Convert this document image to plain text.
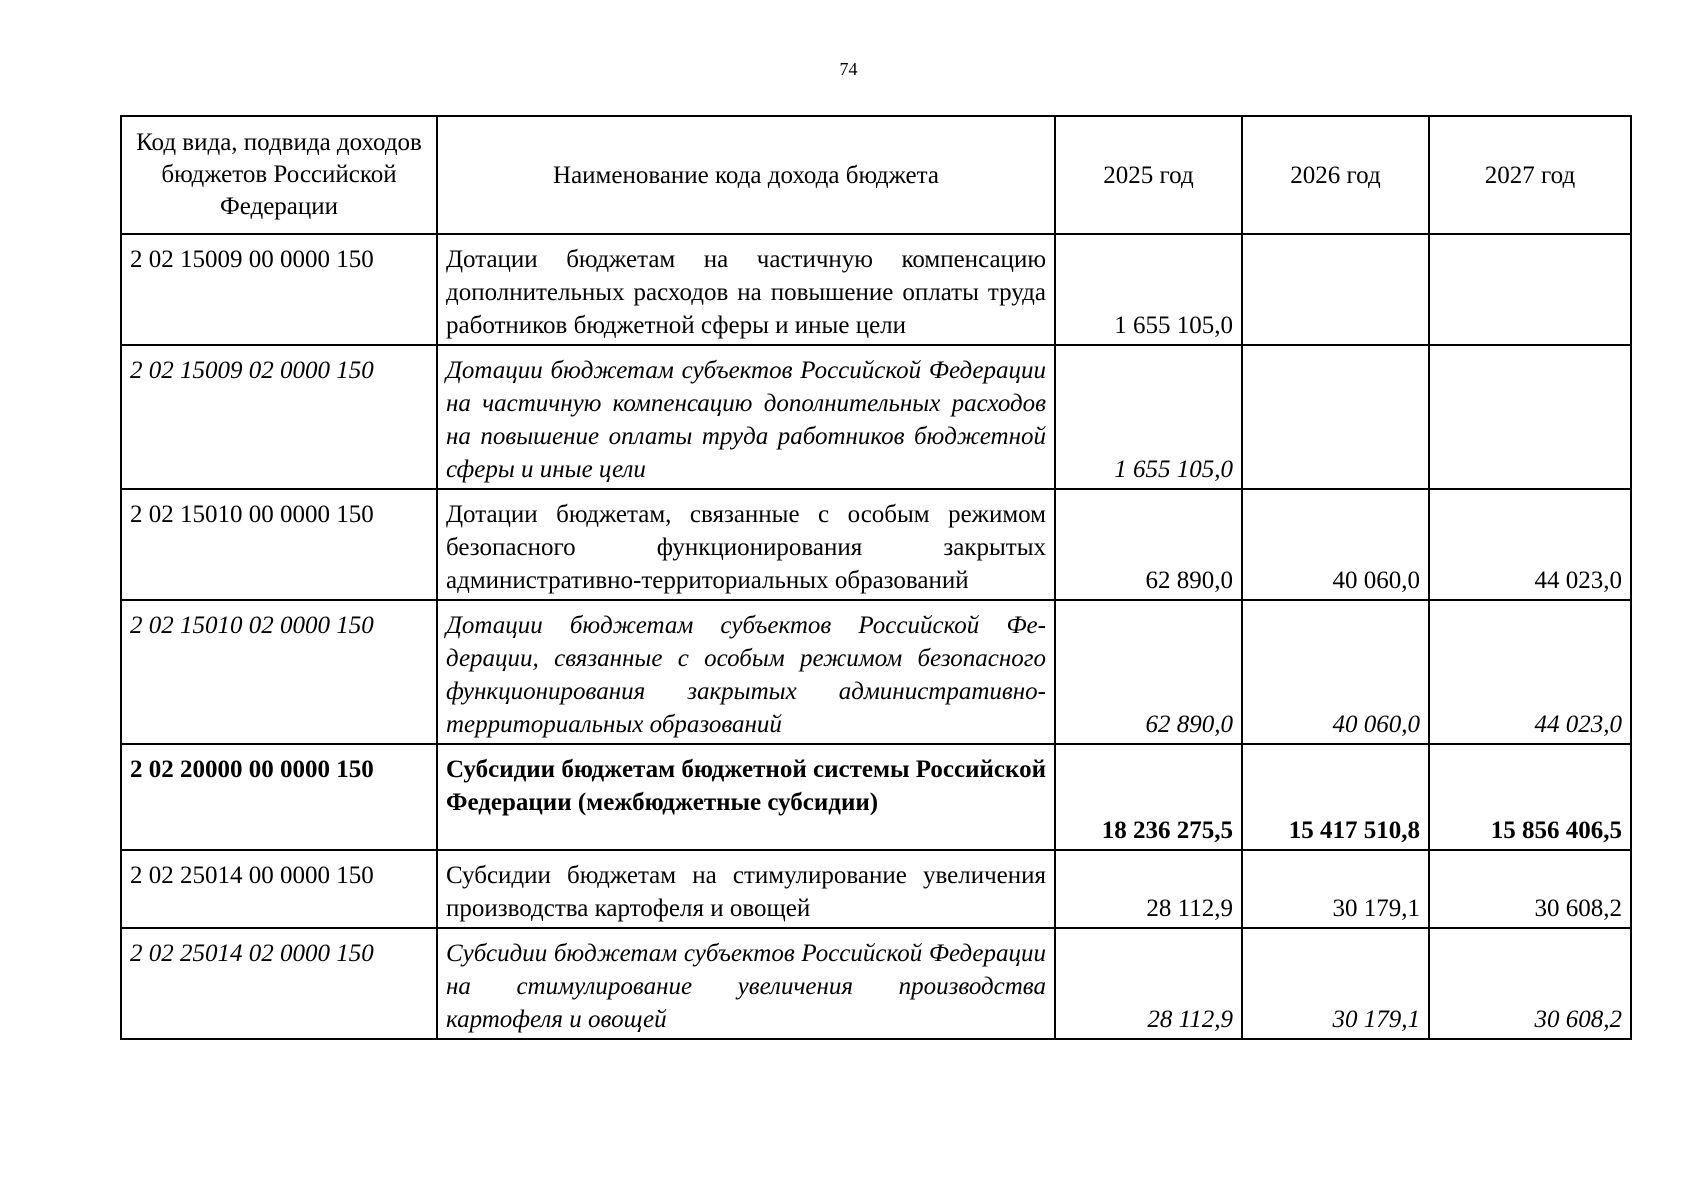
74
Код вида, подвида доходов бюджетов Российской Федерации	Наименование кода дохода бюджета	2025 год	2026 год	2027 год
2 02 15009 00 0000 150	Дотации бюджетам на частичную компенсацию дополнительных расходов на повышение оплаты труда работников бюджетной сферы и иные цели	1 655 105,0		
2 02 15009 02 0000 150	Дотации бюджетам субъектов Российской Федерации на частичную компенсацию дополнительных расходов на повышение оплаты труда работников бюджетной сферы и иные цели	1 655 105,0		
2 02 15010 00 0000 150	Дотации бюджетам, связанные с особым режимом безопасного функционирования закрытых административно-территориальных образований	62 890,0	40 060,0	44 023,0
2 02 15010 02 0000 150	Дотации бюджетам субъектов Российской Федерации, связанные с особым режимом безопасного функционирования закрытых административно-территориальных образований	62 890,0	40 060,0	44 023,0
2 02 20000 00 0000 150	Субсидии бюджетам бюджетной системы Российской Федерации (межбюджетные субсидии)	18 236 275,5	15 417 510,8	15 856 406,5
2 02 25014 00 0000 150	Субсидии бюджетам на стимулирование увеличения производства картофеля и овощей	28 112,9	30 179,1	30 608,2
2 02 25014 02 0000 150	Субсидии бюджетам субъектов Российской Федерации на стимулирование увеличения производства картофеля и овощей	28 112,9	30 179,1	30 608,2
